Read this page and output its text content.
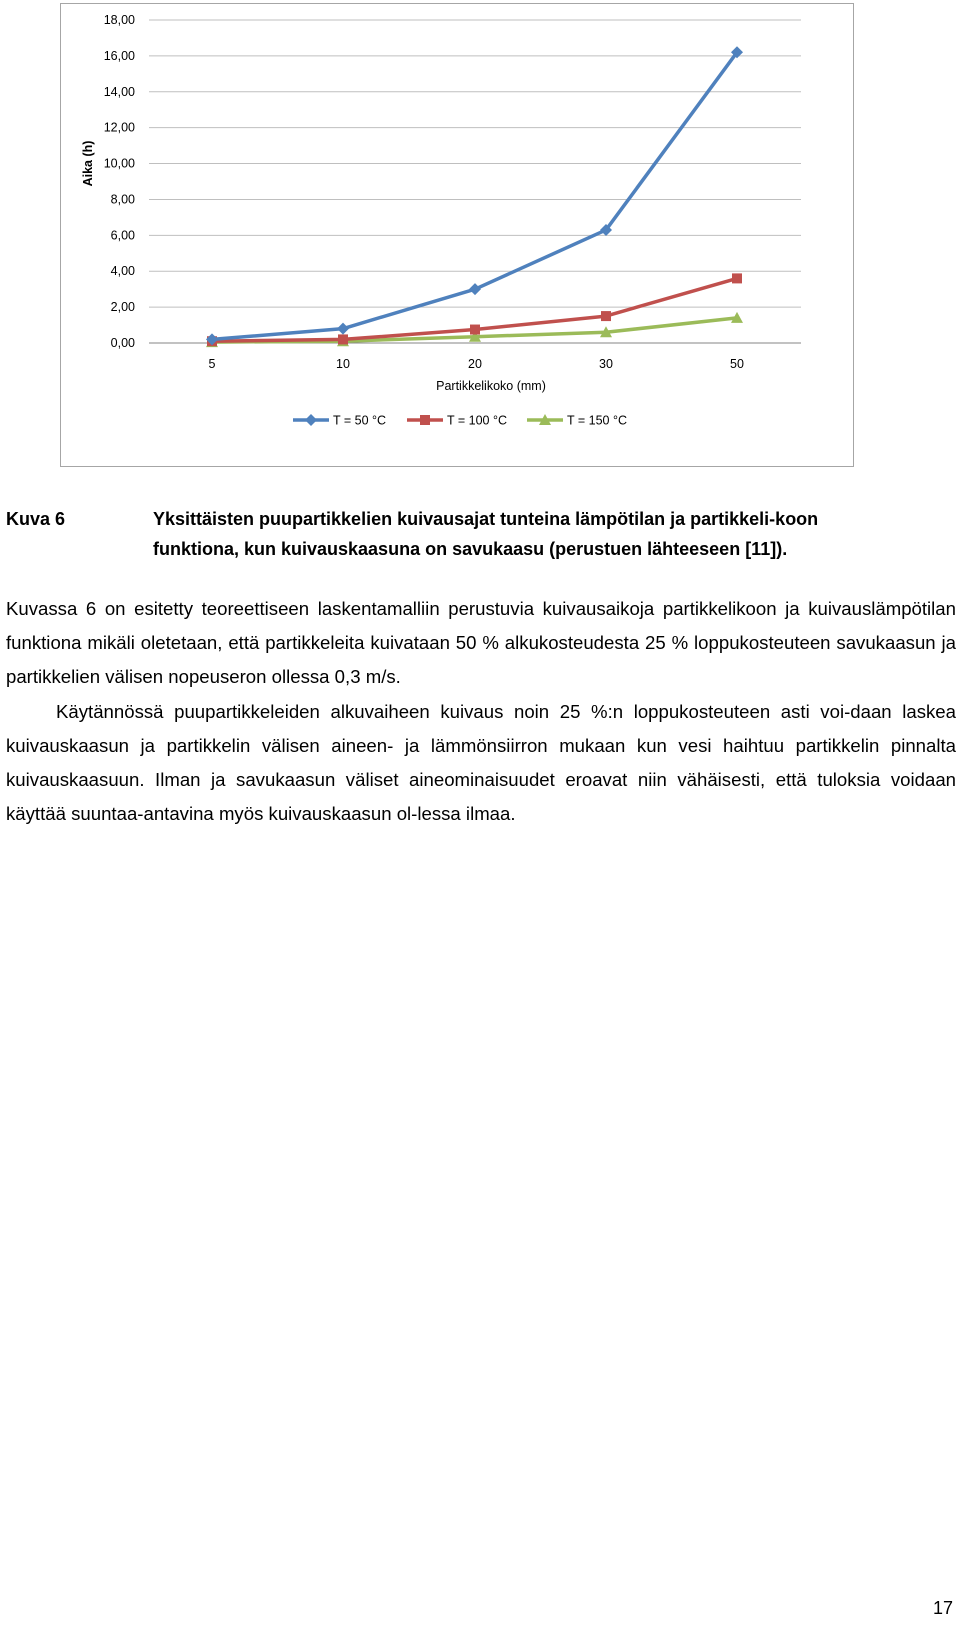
0,00
2,00
4,00
6,00
8,00
10,00
12,00
14,00
16,00
18,00
5	10	20	30	50
Partikkelikoko (mm)
Aika (h)
T = 50 °C	T = 100 °C	T = 150 °C
Kuva 6	Yksittäisten puupartikkelien kuivausajat tunteina lämpötilan ja partikkeli-koon funktiona, kun kuivauskaasuna on savukaasu (perustuen lähteeseen [11]).

Kuvassa 6 on esitetty teoreettiseen laskentamalliin perustuvia kuivausaikoja partikkelikoon ja kuivauslämpötilan funktiona mikäli oletetaan, että partikkeleita kuivataan 50 % alkukosteudesta 25 % loppukosteuteen savukaasun ja partikkelien välisen nopeuseron ollessa 0,3 m/s.

Käytännössä puupartikkeleiden alkuvaiheen kuivaus noin 25 %:n loppukosteuteen asti voi-daan laskea kuivauskaasun ja partikkelin välisen aineen- ja lämmönsiirron mukaan kun vesi haihtuu partikkelin pinnalta kuivauskaasuun. Ilman ja savukaasun väliset aineominaisuudet eroavat niin vähäisesti, että tuloksia voidaan käyttää suuntaa-antavina myös kuivauskaasun ol-lessa ilmaa.

17
